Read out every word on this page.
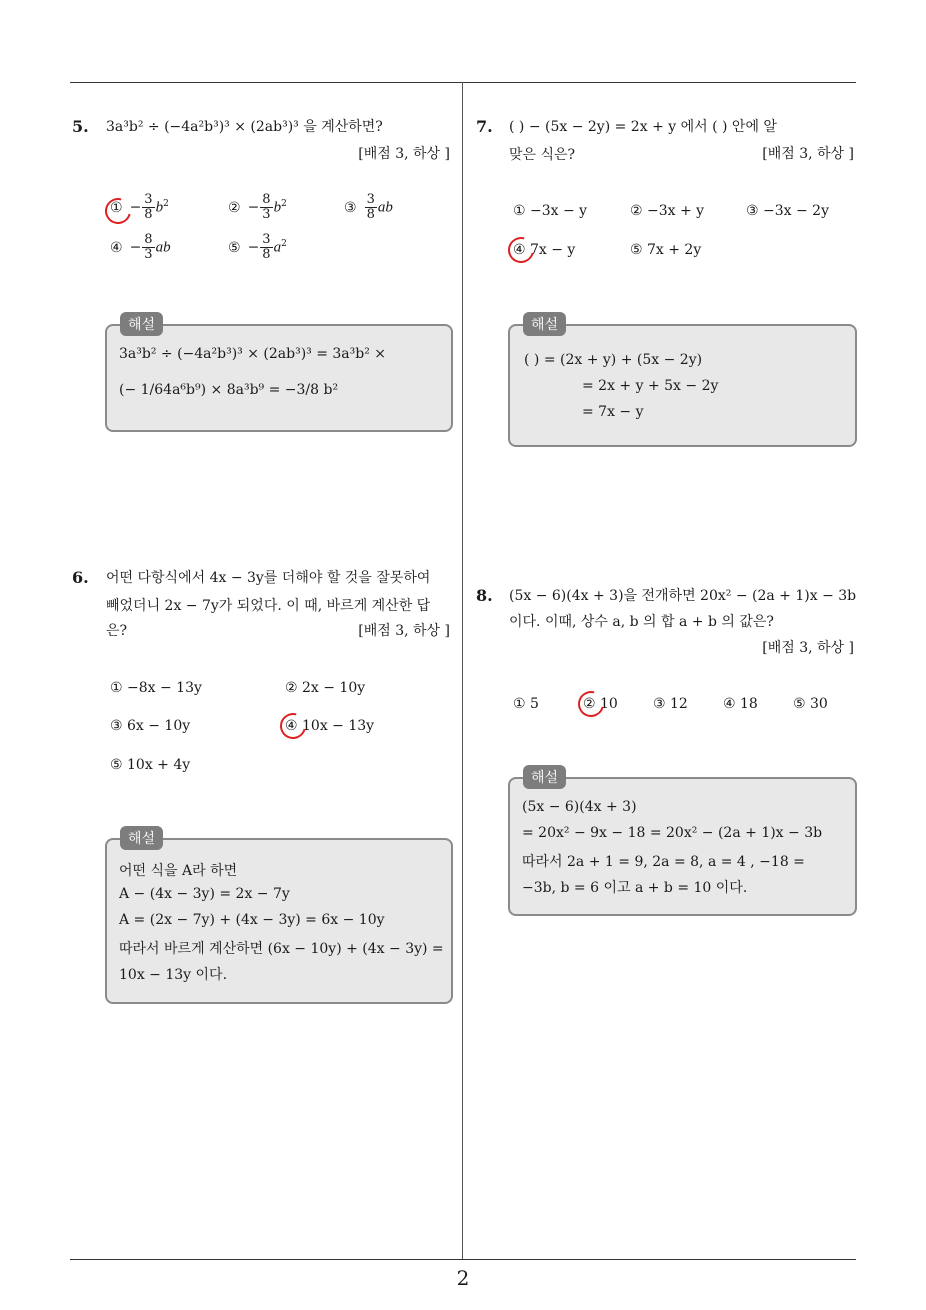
5. 3a³b² ÷ (−4a²b³)³ × (2ab³)³ 을 계산하면?
[배점 3, 하상 ]
① − $\frac{3}{8} b^2$	② − $\frac{8}{3} b^2$	③ $\frac{3}{8}$ ab
④ − $\frac{8}{3}$ ab	⑤ − $\frac{3}{8} a^2$
3a³b² ÷ (−4a²b³)³ × (2ab³)³ = 3a³b² ×
(− 1/64a⁶b⁹) × 8a³b⁹ = −3/8 b²
해설
6. 어떤 다항식에서 4x − 3y를 더해야 할 것을 잘못하여
빼었더니 2x − 7y가 되었다. 이 때, 바르게 계산한 답
은?	[배점 3, 하상 ]
① −8x − 13y	② 2x − 10y
③ 6x − 10y	④ 10x − 13y
⑤ 10x + 4y
어떤 식을 A라 하면
A − (4x − 3y) = 2x − 7y
A = (2x − 7y) + (4x − 3y) = 6x − 10y
따라서 바르게 계산하면 (6x − 10y) + (4x − 3y) =
10x − 13y 이다.
해설
7. ( ) − (5x − 2y) = 2x + y 에서 ( ) 안에 알
맞은 식은?	[배점 3, 하상 ]
① −3x − y	② −3x + y	③ −3x − 2y
④ 7x − y	⑤ 7x + 2y
( ) = (2x + y) + (5x − 2y)
= 2x + y + 5x − 2y
= 7x − y
해설
8. (5x − 6)(4x + 3)을 전개하면 20x² − (2a + 1)x − 3b
이다. 이때, 상수 a, b 의 합 a + b 의 값은?
[배점 3, 하상 ]
① 5	② 10	③ 12	④ 18	⑤ 30
(5x − 6)(4x + 3)
= 20x² − 9x − 18 = 20x² − (2a + 1)x − 3b
따라서 2a + 1 = 9, 2a = 8, a = 4 , −18 =
−3b, b = 6 이고 a + b = 10 이다.
해설
2
